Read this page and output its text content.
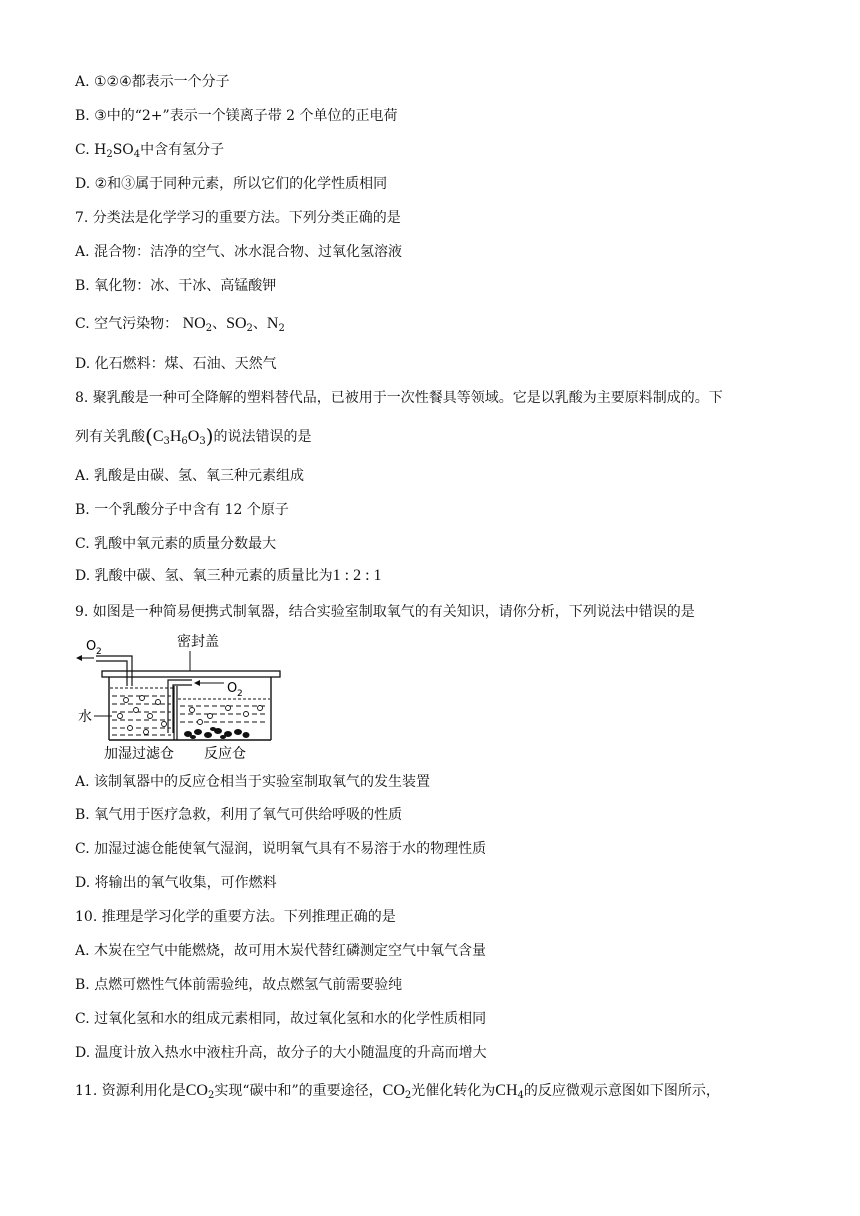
A. ①②④都表示一个分子
B. ③中的“2+”表示一个镁离子带 2 个单位的正电荷
C. $H_2SO_4$中含有氢分子
D. ②和③属于同种元素，所以它们的化学性质相同
7. 分类法是化学学习的重要方法。下列分类正确的是
A. 混合物：洁净的空气、冰水混合物、过氧化氢溶液
B. 氧化物：冰、干冰、高锰酸钾
C. 空气污染物： $NO_2$、$SO_2$、$N_2$
D. 化石燃料：煤、石油、天然气
8. 聚乳酸是一种可全降解的塑料替代品，已被用于一次性餐具等领域。它是以乳酸为主要原料制成的。下
列有关乳酸$(C_3H_6O_3)$的说法错误的是
A. 乳酸是由碳、氢、氧三种元素组成
B. 一个乳酸分子中含有 12 个原子
C. 乳酸中氧元素的质量分数最大
D. 乳酸中碳、氢、氧三种元素的质量比为1 : 2 : 1
9. 如图是一种简易便携式制氧器，结合实验室制取氧气的有关知识，请你分析，下列说法中错误的是
O 2
O 2
密封盖
水
加湿过滤仓 反应仓
A. 该制氧器中的反应仓相当于实验室制取氧气的发生装置
B. 氧气用于医疗急救，利用了氧气可供给呼吸的性质
C. 加湿过滤仓能使氧气湿润，说明氧气具有不易溶于水的物理性质
D. 将输出的氧气收集，可作燃料
10. 推理是学习化学的重要方法。下列推理正确的是
A. 木炭在空气中能燃烧，故可用木炭代替红磷测定空气中氧气含量
B. 点燃可燃性气体前需验纯，故点燃氢气前需要验纯
C. 过氧化氢和水的组成元素相同，故过氧化氢和水的化学性质相同
D. 温度计放入热水中液柱升高，故分子的大小随温度的升高而增大
11. 资源利用化是$CO_2$实现“碳中和”的重要途径，$CO_2$光催化转化为$CH_4$的反应微观示意图如下图所示，
